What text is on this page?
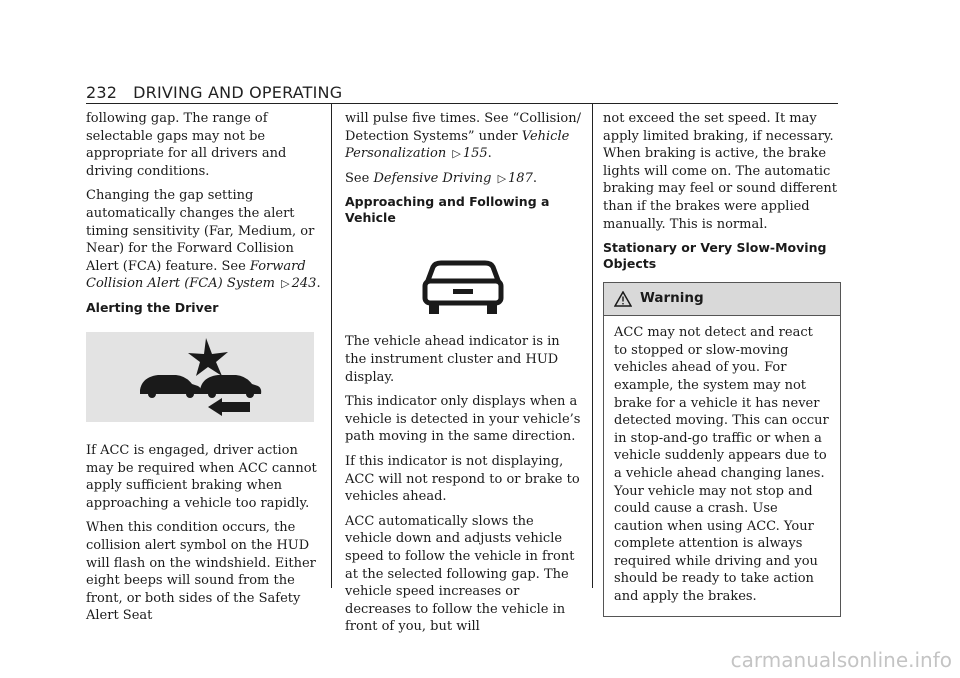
232 DRIVING AND OPERATING

following gap. The range of selectable gaps may not be appropriate for all drivers and driving conditions.

Changing the gap setting automatically changes the alert timing sensitivity (Far, Medium, or Near) for the Forward Collision Alert (FCA) feature. See Forward Collision Alert (FCA) System ▷ 243.

Alerting the Driver

If ACC is engaged, driver action may be required when ACC cannot apply sufficient braking when approaching a vehicle too rapidly.

When this condition occurs, the collision alert symbol on the HUD will flash on the windshield. Either eight beeps will sound from the front, or both sides of the Safety Alert Seat

will pulse five times. See “Collision/ Detection Systems” under Vehicle Personalization ▷ 155.

See Defensive Driving ▷ 187.

Approaching and Following a Vehicle

The vehicle ahead indicator is in the instrument cluster and HUD display.

This indicator only displays when a vehicle is detected in your vehicle’s path moving in the same direction.

If this indicator is not displaying, ACC will not respond to or brake to vehicles ahead.

ACC automatically slows the vehicle down and adjusts vehicle speed to follow the vehicle in front at the selected following gap. The vehicle speed increases or decreases to follow the vehicle in front of you, but will

not exceed the set speed. It may apply limited braking, if necessary. When braking is active, the brake lights will come on. The automatic braking may feel or sound different than if the brakes were applied manually. This is normal.

Stationary or Very Slow-Moving Objects
Warning
ACC may not detect and react to stopped or slow-moving vehicles ahead of you. For example, the system may not brake for a vehicle it has never detected moving. This can occur in stop-and-go traffic or when a vehicle suddenly appears due to a vehicle ahead changing lanes. Your vehicle may not stop and could cause a crash. Use caution when using ACC. Your complete attention is always required while driving and you should be ready to take action and apply the brakes.
carmanualsonline.info
